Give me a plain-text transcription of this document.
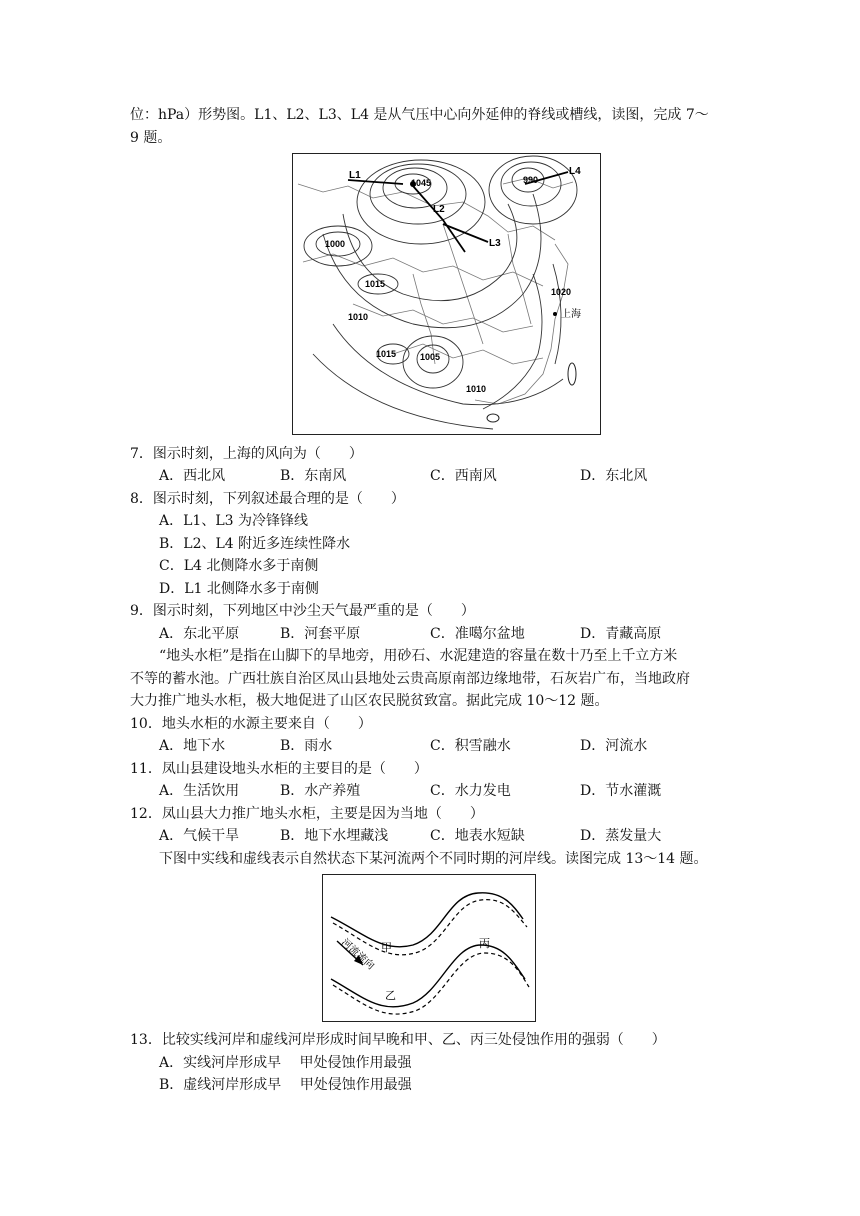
位：hPa）形势图。L1、L2、L3、L4 是从气压中心向外延伸的脊线或槽线，读图，完成 7～
9 题。
L1
L2
L3
L4
1045	990
1000
1015
1010
1020
1015	1005
1010
上海
7．图示时刻，上海的风向为（　　）
A．西北风	B．东南风	C．西南风	D．东北风
8．图示时刻，下列叙述最合理的是（　　）
A．L1、L3 为冷锋锋线
B．L2、L4 附近多连续性降水
C．L4 北侧降水多于南侧
D．L1 北侧降水多于南侧
9．图示时刻，下列地区中沙尘天气最严重的是（　　）
A．东北平原	B．河套平原	C．准噶尔盆地	D．青藏高原
“地头水柜”是指在山脚下的旱地旁，用砂石、水泥建造的容量在数十乃至上千立方米
不等的蓄水池。广西壮族自治区凤山县地处云贵高原南部边缘地带，石灰岩广布，当地政府
大力推广地头水柜，极大地促进了山区农民脱贫致富。据此完成 10～12 题。
10．地头水柜的水源主要来自（　　）
A．地下水	B．雨水	C．积雪融水	D．河流水
11．凤山县建设地头水柜的主要目的是（　　）
A．生活饮用	B．水产养殖	C．水力发电	D．节水灌溉
12．凤山县大力推广地头水柜，主要是因为当地（　　）
A．气候干旱	B．地下水埋藏浅	C．地表水短缺	D．蒸发量大
下图中实线和虚线表示自然状态下某河流两个不同时期的河岸线。读图完成 13～14 题。
河流流向 甲
乙
丙
13．比较实线河岸和虚线河岸形成时间早晚和甲、乙、丙三处侵蚀作用的强弱（　　）
A．实线河岸形成早　 甲处侵蚀作用最强
B．虚线河岸形成早　 甲处侵蚀作用最强
